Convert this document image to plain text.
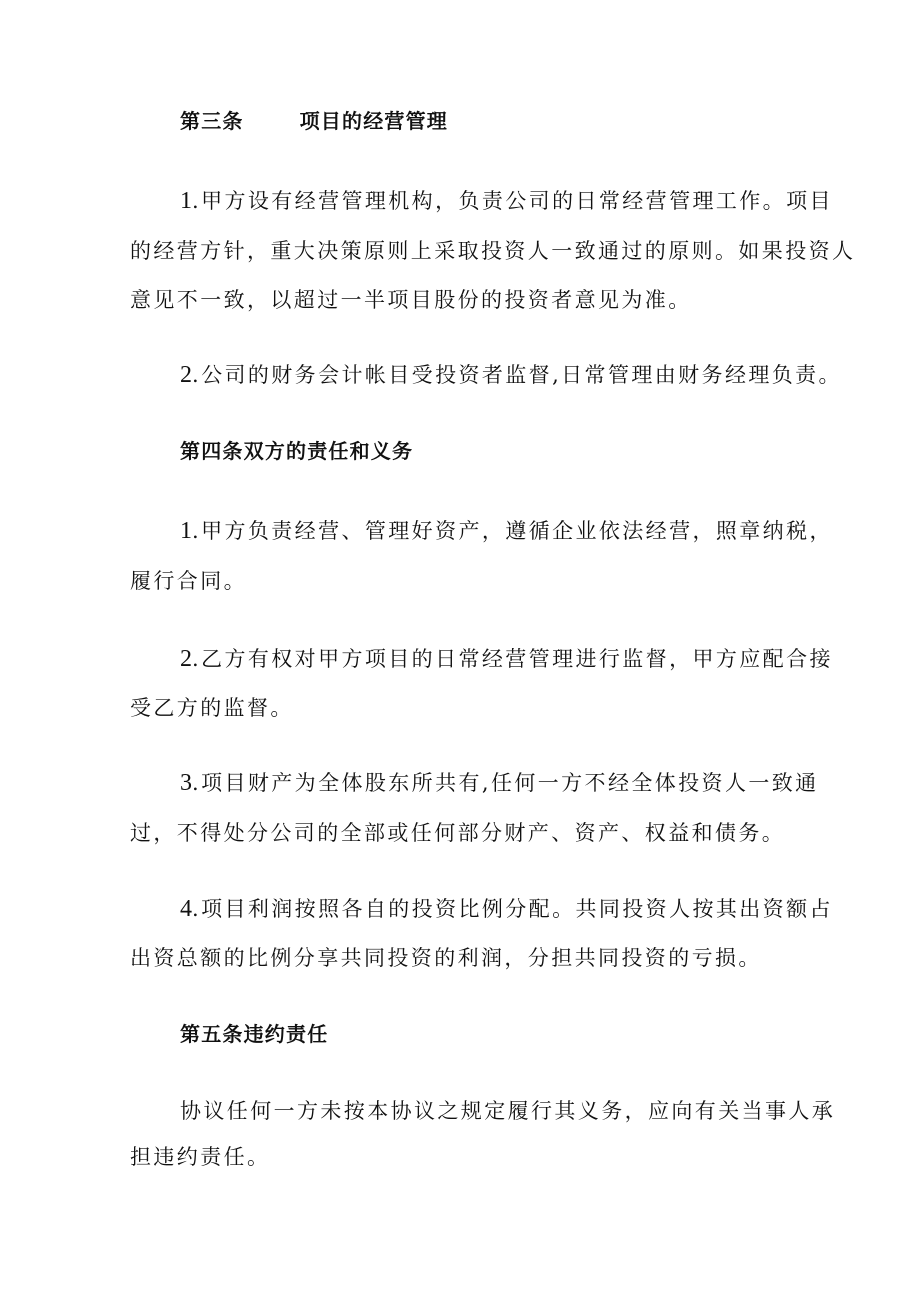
第三条	项目的经营管理

1.甲方设有经营管理机构，负责公司的日常经营管理工作。项目

的经营方针，重大决策原则上采取投资人一致通过的原则。如果投资人

意见不一致，以超过一半项目股份的投资者意见为准。

2.公司的财务会计帐目受投资者监督,日常管理由财务经理负责。

第四条双方的责任和义务

1.甲方负责经营、管理好资产，遵循企业依法经营，照章纳税，

履行合同。

2.乙方有权对甲方项目的日常经营管理进行监督，甲方应配合接

受乙方的监督。

3.项目财产为全体股东所共有,任何一方不经全体投资人一致通

过，不得处分公司的全部或任何部分财产、资产、权益和债务。

4.项目利润按照各自的投资比例分配。共同投资人按其出资额占

出资总额的比例分享共同投资的利润，分担共同投资的亏损。

第五条违约责任

协议任何一方未按本协议之规定履行其义务，应向有关当事人承

担违约责任。
